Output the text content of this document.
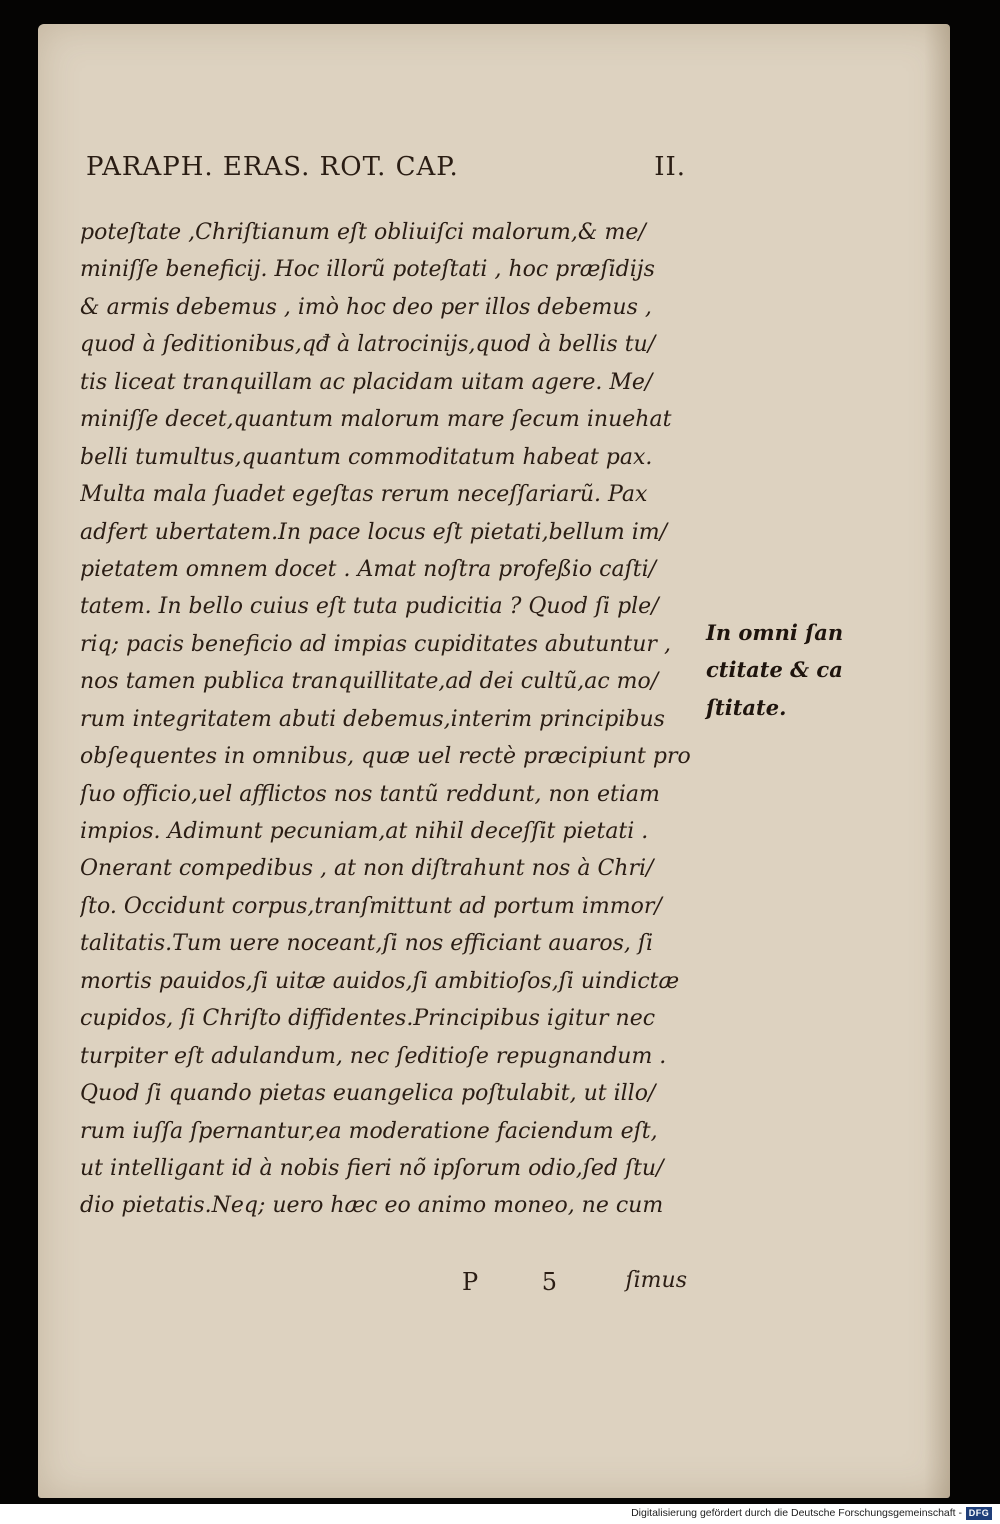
PARAPH. ERAS. ROT. CAP.	II.
poteſtate ,Chriſtianum eſt obliuiſci malorum,& me/
miniſſe beneficij. Hoc illorũ poteſtati , hoc præſidijs
& armis debemus , imò hoc deo per illos debemus ,
quod à ſeditionibus,qđ à latrocinijs,quod à bellis tu/
tis liceat tranquillam ac placidam uitam agere. Me/
miniſſe decet,quantum malorum mare ſecum inuehat
belli tumultus,quantum commoditatum habeat pax.
Multa mala ſuadet egeſtas rerum neceſſariarũ. Pax
adfert ubertatem.In pace locus eſt pietati,bellum im/
pietatem omnem docet . Amat noſtra profeßio caſti/
tatem. In bello cuius eſt tuta pudicitia ? Quod ſi ple/
riq; pacis beneficio ad impias cupiditates abutuntur ,
nos tamen publica tranquillitate,ad dei cultũ,ac mo/
rum integritatem abuti debemus,interim principibus
obſequentes in omnibus, quæ uel rectè præcipiunt pro
ſuo officio,uel afflictos nos tantũ reddunt, non etiam
impios. Adimunt pecuniam,at nihil deceſſit pietati .
Onerant compedibus , at non diſtrahunt nos à Chri/
ſto. Occidunt corpus,tranſmittunt ad portum immor/
talitatis.Tum uere noceant,ſi nos efficiant auaros, ſi
mortis pauidos,ſi uitæ auidos,ſi ambitioſos,ſi uindictæ
cupidos, ſi Chriſto diffidentes.Principibus igitur nec
turpiter eſt adulandum, nec ſeditioſe repugnandum .
Quod ſi quando pietas euangelica poſtulabit, ut illo/
rum iuſſa ſpernantur,ea moderatione faciendum eſt,
ut intelligant id à nobis fieri nõ ipſorum odio,ſed ſtu/
dio pietatis.Neq; uero hæc eo animo moneo, ne cum
In omni ſan
ctitate & ca
ſtitate.
P 5 ſimus
Digitalisierung gefördert durch die Deutsche Forschungsgemeinschaft - DFG
